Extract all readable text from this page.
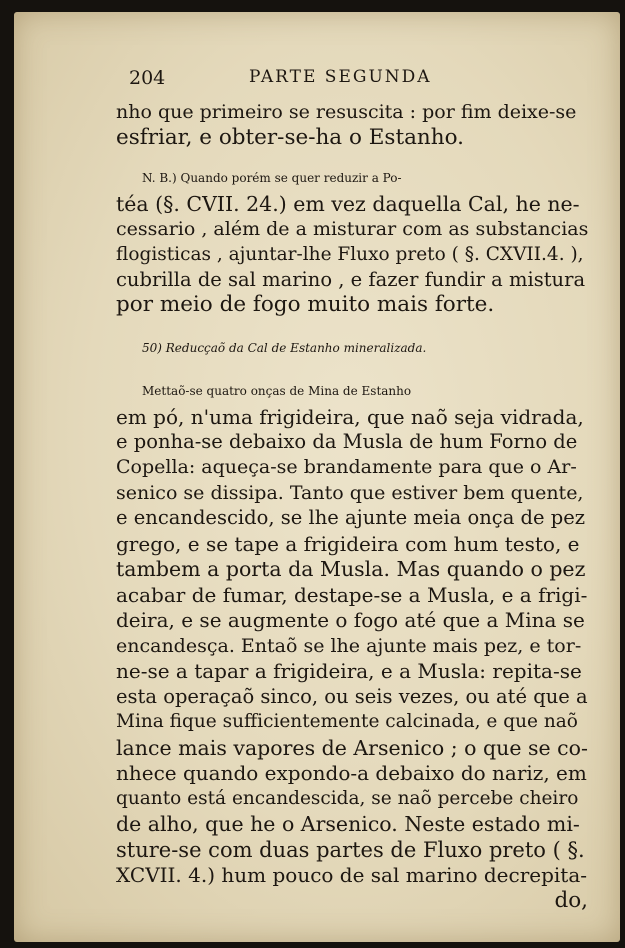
204	PARTE SEGUNDA
nho que primeiro se resuscita : por fim deixe-se
esfriar, e obter-se-ha o Estanho.
N. B.) Quando porém se quer reduzir a Po-
téa (§. CVII. 24.) em vez daquella Cal, he ne-
cessario , além de a misturar com as substancias
flogisticas , ajuntar-lhe Fluxo preto ( §. CXVII.4. ),
cubrilla de sal marino , e fazer fundir a mistura
por meio de fogo muito mais forte.
50) Reducçaõ da Cal de Estanho mineralizada.
Mettaõ-se quatro onças de Mina de Estanho
em pó, n'uma frigideira, que naõ seja vidrada,
e ponha-se debaixo da Musla de hum Forno de
Copella: aqueça-se brandamente para que o Ar-
senico se dissipa. Tanto que estiver bem quente,
e encandescido, se lhe ajunte meia onça de pez
grego, e se tape a frigideira com hum testo, e
tambem a porta da Musla. Mas quando o pez
acabar de fumar, destape-se a Musla, e a frigi-
deira, e se augmente o fogo até que a Mina se
encandesça. Entaõ se lhe ajunte mais pez, e tor-
ne-se a tapar a frigideira, e a Musla: repita-se
esta operaçaõ sinco, ou seis vezes, ou até que a
Mina fique sufficientemente calcinada, e que naõ
lance mais vapores de Arsenico ; o que se co-
nhece quando expondo-a debaixo do nariz, em
quanto está encandescida, se naõ percebe cheiro
de alho, que he o Arsenico. Neste estado mi-
sture-se com duas partes de Fluxo preto ( §.
XCVII. 4.) hum pouco de sal marino decrepita-
do,
